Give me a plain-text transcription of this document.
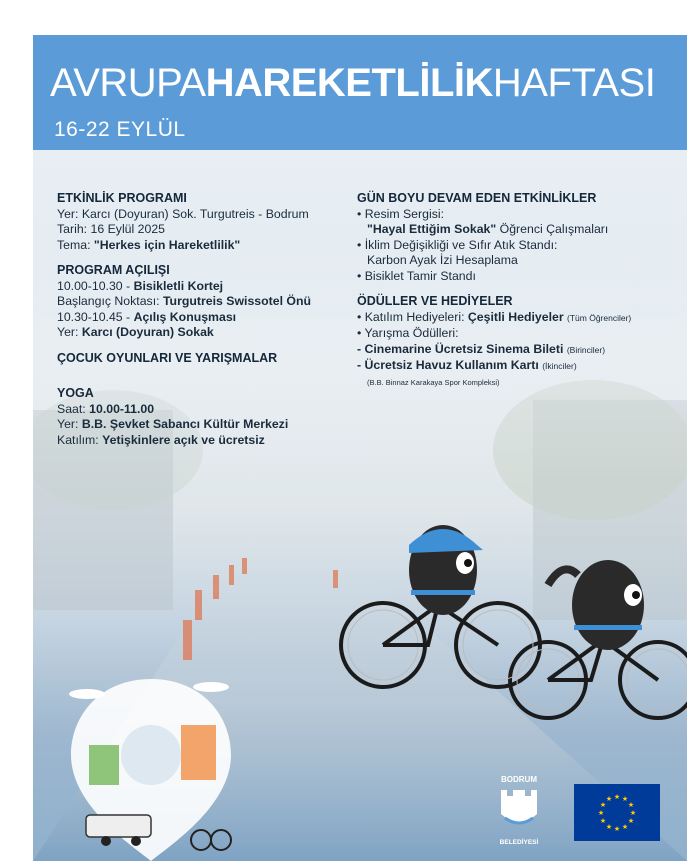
AVRUPAHAREKETLİLİKHAFTASI
16-22 EYLÜL
BODRUM
BELEDİYESİ
★ ★
★
★
★
★
★
★
★
★
★
★
ETKİNLİK PROGRAMI
Yer: Karcı (Doyuran) Sok. Turgutreis - Bodrum
Tarih: 16 Eylül 2025
Tema: "Herkes için Hareketlilik"
PROGRAM AÇILIŞI
10.00-10.30 - Bisikletli Kortej
Başlangıç Noktası: Turgutreis Swissotel Önü
10.30-10.45 - Açılış Konuşması
Yer: Karcı (Doyuran) Sokak
ÇOCUK OYUNLARI VE YARIŞMALAR
YOGA
Saat: 10.00-11.00
Yer: B.B. Şevket Sabancı Kültür Merkezi
Katılım: Yetişkinlere açık ve ücretsiz
GÜN BOYU DEVAM EDEN ETKİNLİKLER
• Resim Sergisi:
"Hayal Ettiğim Sokak" Öğrenci Çalışmaları
• İklim Değişikliği ve Sıfır Atık Standı:
Karbon Ayak İzi Hesaplama
• Bisiklet Tamir Standı
ÖDÜLLER VE HEDİYELER
• Katılım Hediyeleri: Çeşitli Hediyeler (Tüm Öğrenciler)
• Yarışma Ödülleri:
- Cinemarine Ücretsiz Sinema Bileti (Birinciler)
- Ücretsiz Havuz Kullanım Kartı (İkinciler)
(B.B. Binnaz Karakaya Spor Kompleksi)
